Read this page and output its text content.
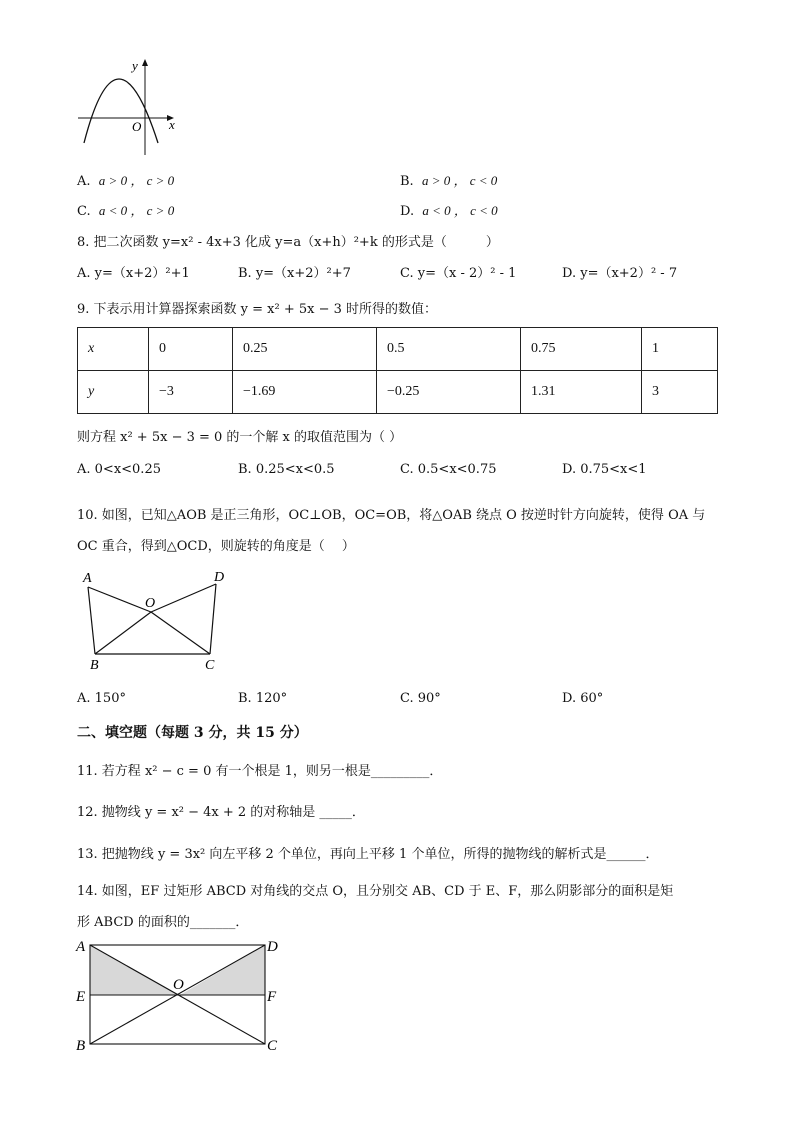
y
x
O
A. a > 0 ， c > 0	B. a > 0 ， c < 0
C. a < 0 ， c > 0	D. a < 0 ， c < 0
8. 把二次函数 y=x² - 4x+3 化成 y=a（x+h）²+k 的形式是（　　　）
A. y=（x+2）²+1	B. y=（x+2）²+7	C. y=（x - 2）² - 1	D. y=（x+2）² - 7
9. 下表示用计算器探索函数 y = x² + 5x − 3 时所得的数值：
x	0	0.25	0.5	0.75	1
y	−3	−1.69	−0.25	1.31	3
则方程 x² + 5x − 3 = 0 的一个解 x 的取值范围为（ ）
A. 0<x<0.25	B. 0.25<x<0.5	C. 0.5<x<0.75	D. 0.75<x<1
10. 如图，已知△AOB 是正三角形，OC⊥OB，OC=OB，将△OAB 绕点 O 按逆时针方向旋转，使得 OA 与
OC 重合，得到△OCD，则旋转的角度是（　 ）
A	D
O
B	C
A. 150°	B. 120°	C. 90°	D. 60°
二、填空题（每题 3 分，共 15 分）
11. 若方程 x² − c = 0 有一个根是 1，则另一根是_________．
12. 抛物线 y = x² − 4x + 2 的对称轴是 _____．
13. 把抛物线 y = 3x² 向左平移 2 个单位，再向上平移 1 个单位，所得的抛物线的解析式是______．
14. 如图，EF 过矩形 ABCD 对角线的交点 O，且分别交 AB、CD 于 E、F，那么阴影部分的面积是矩
形 ABCD 的面积的_______．
A	D
E
O
F
B	C
